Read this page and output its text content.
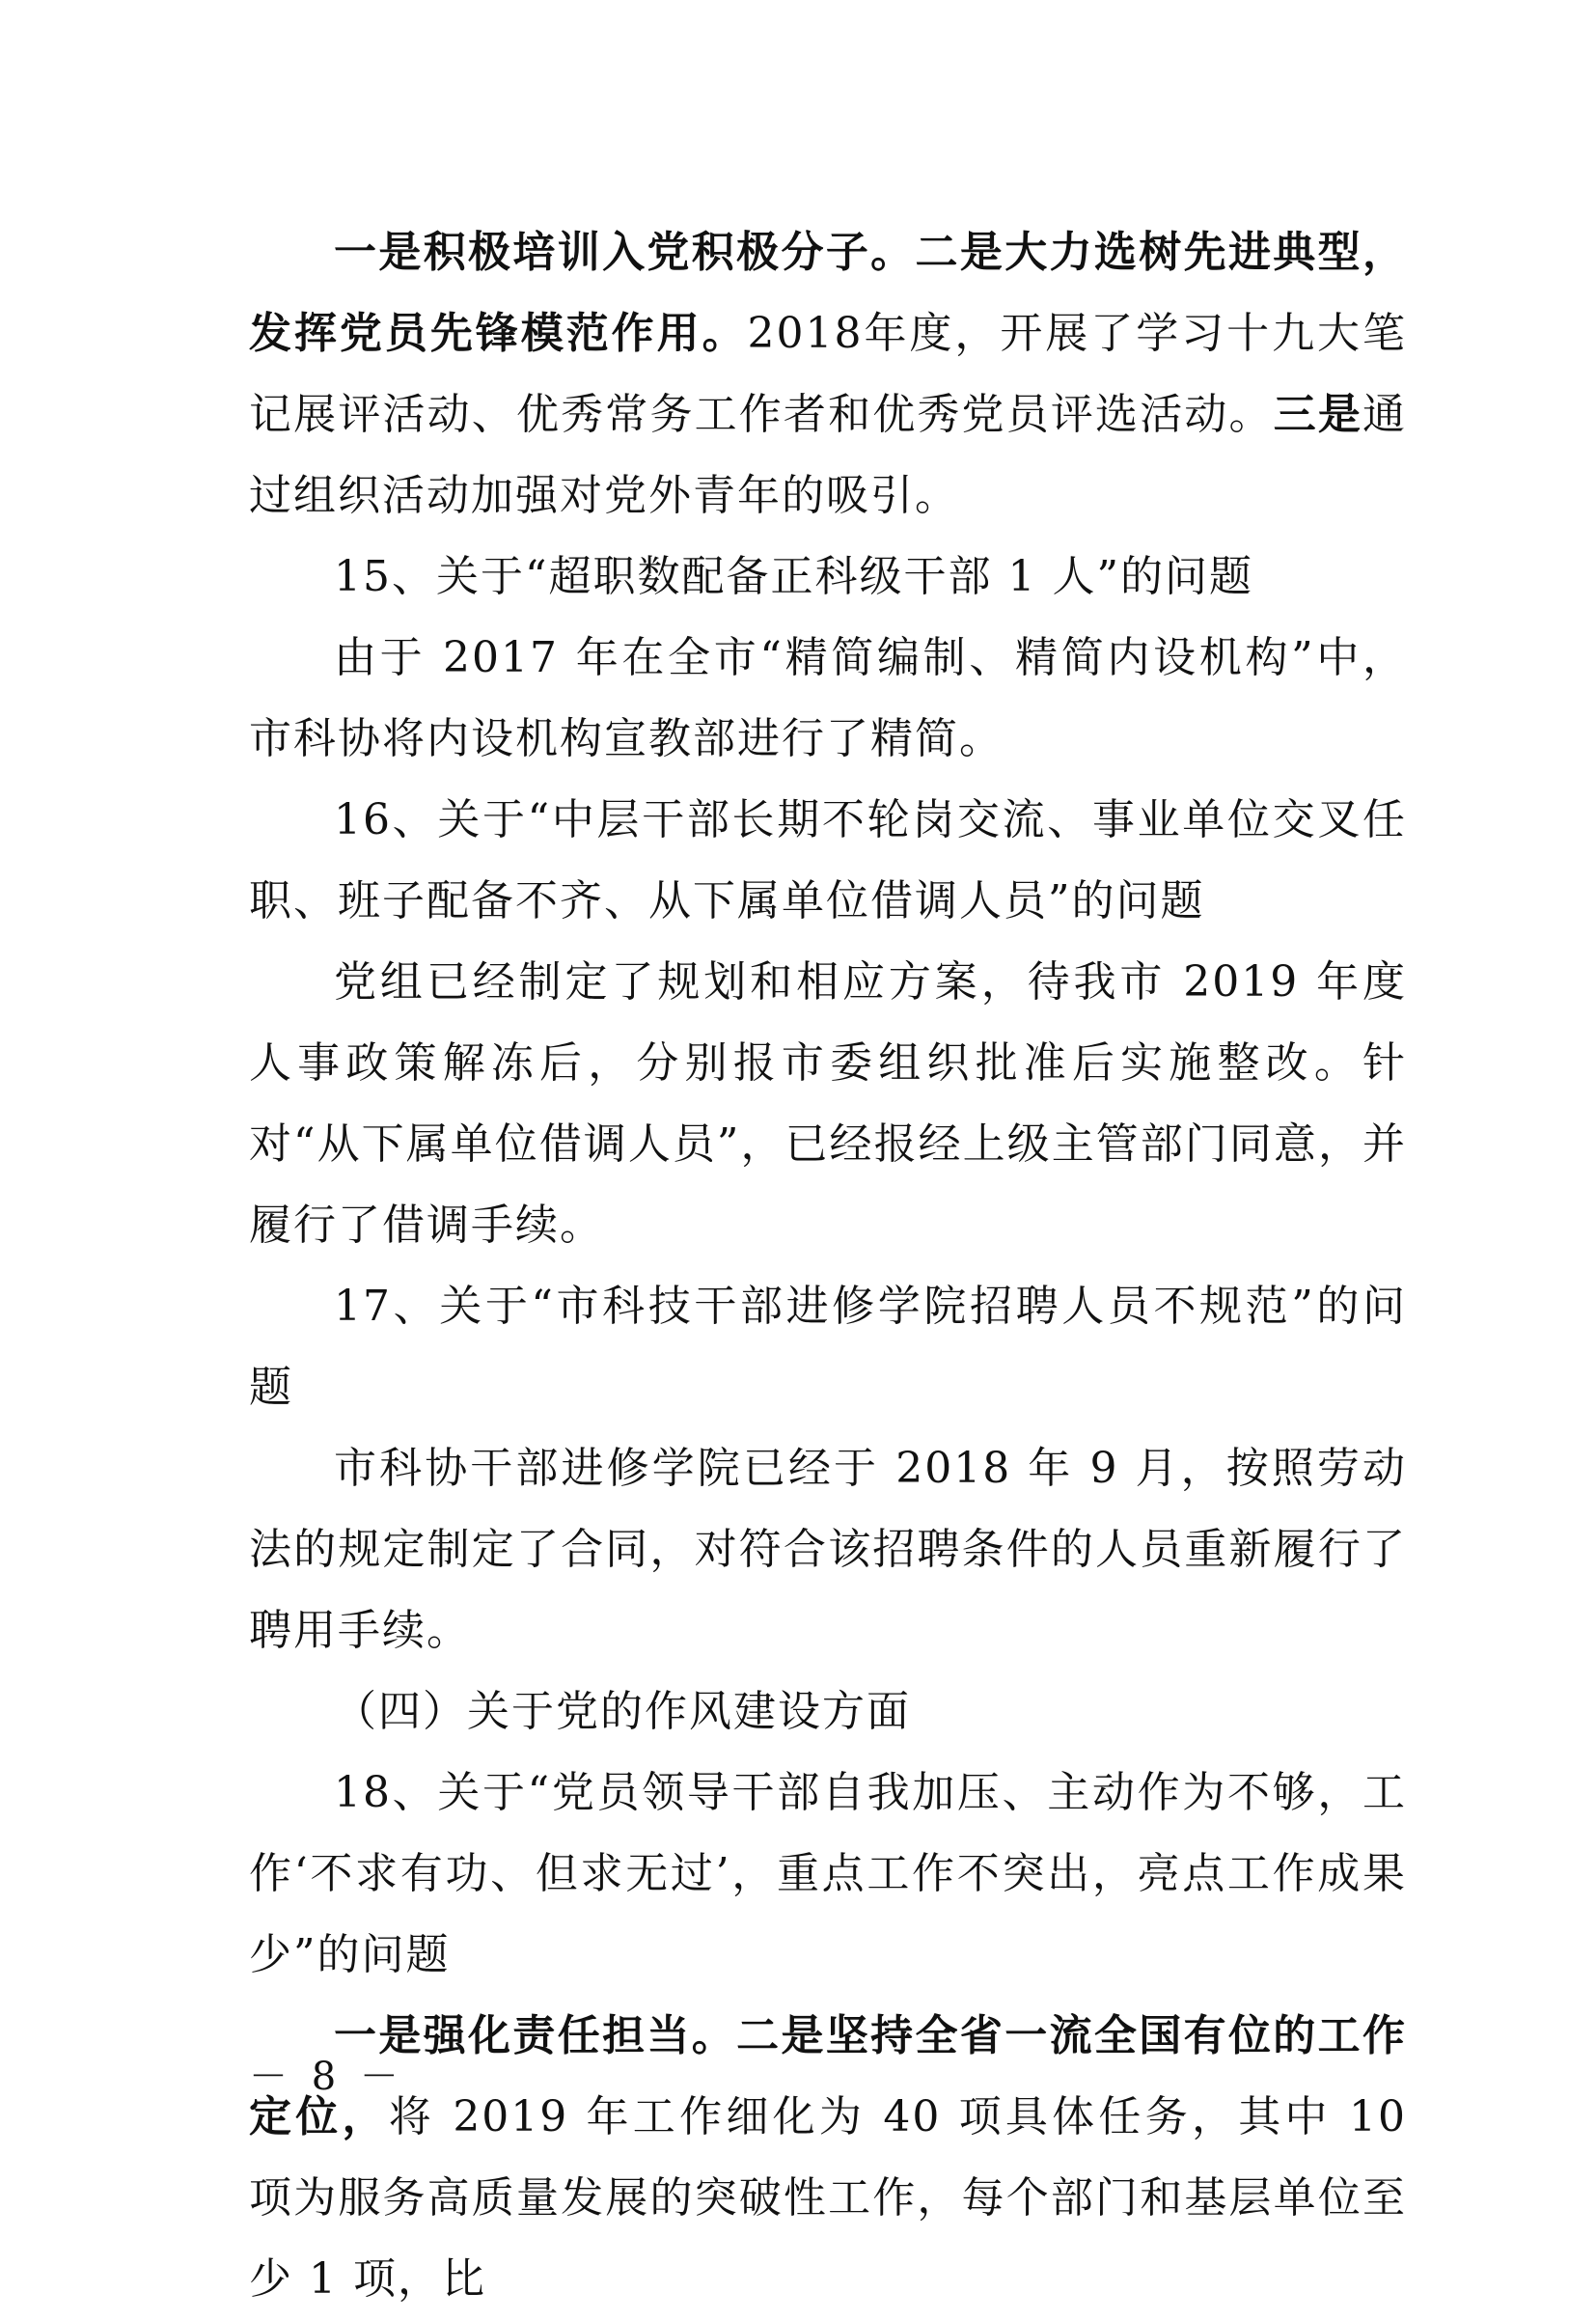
一是积极培训入党积极分子。二是大力选树先进典型，发挥党员先锋模范作用。2018年度，开展了学习十九大笔记展评活动、优秀常务工作者和优秀党员评选活动。三是通过组织活动加强对党外青年的吸引。

15、关于“超职数配备正科级干部 1 人”的问题

由于 2017 年在全市“精简编制、精简内设机构”中，市科协将内设机构宣教部进行了精简。

16、关于“中层干部长期不轮岗交流、事业单位交叉任职、班子配备不齐、从下属单位借调人员”的问题

党组已经制定了规划和相应方案，待我市 2019 年度人事政策解冻后，分别报市委组织批准后实施整改。针对“从下属单位借调人员”，已经报经上级主管部门同意，并履行了借调手续。

17、关于“市科技干部进修学院招聘人员不规范”的问题

市科协干部进修学院已经于 2018 年 9 月，按照劳动法的规定制定了合同，对符合该招聘条件的人员重新履行了聘用手续。

（四）关于党的作风建设方面

18、关于“党员领导干部自我加压、主动作为不够，工作‘不求有功、但求无过’，重点工作不突出，亮点工作成果少”的问题

一是强化责任担当。二是坚持全省一流全国有位的工作定位，将 2019 年工作细化为 40 项具体任务，其中 10 项为服务高质量发展的突破性工作，每个部门和基层单位至少 1 项，比

－ 8 －
